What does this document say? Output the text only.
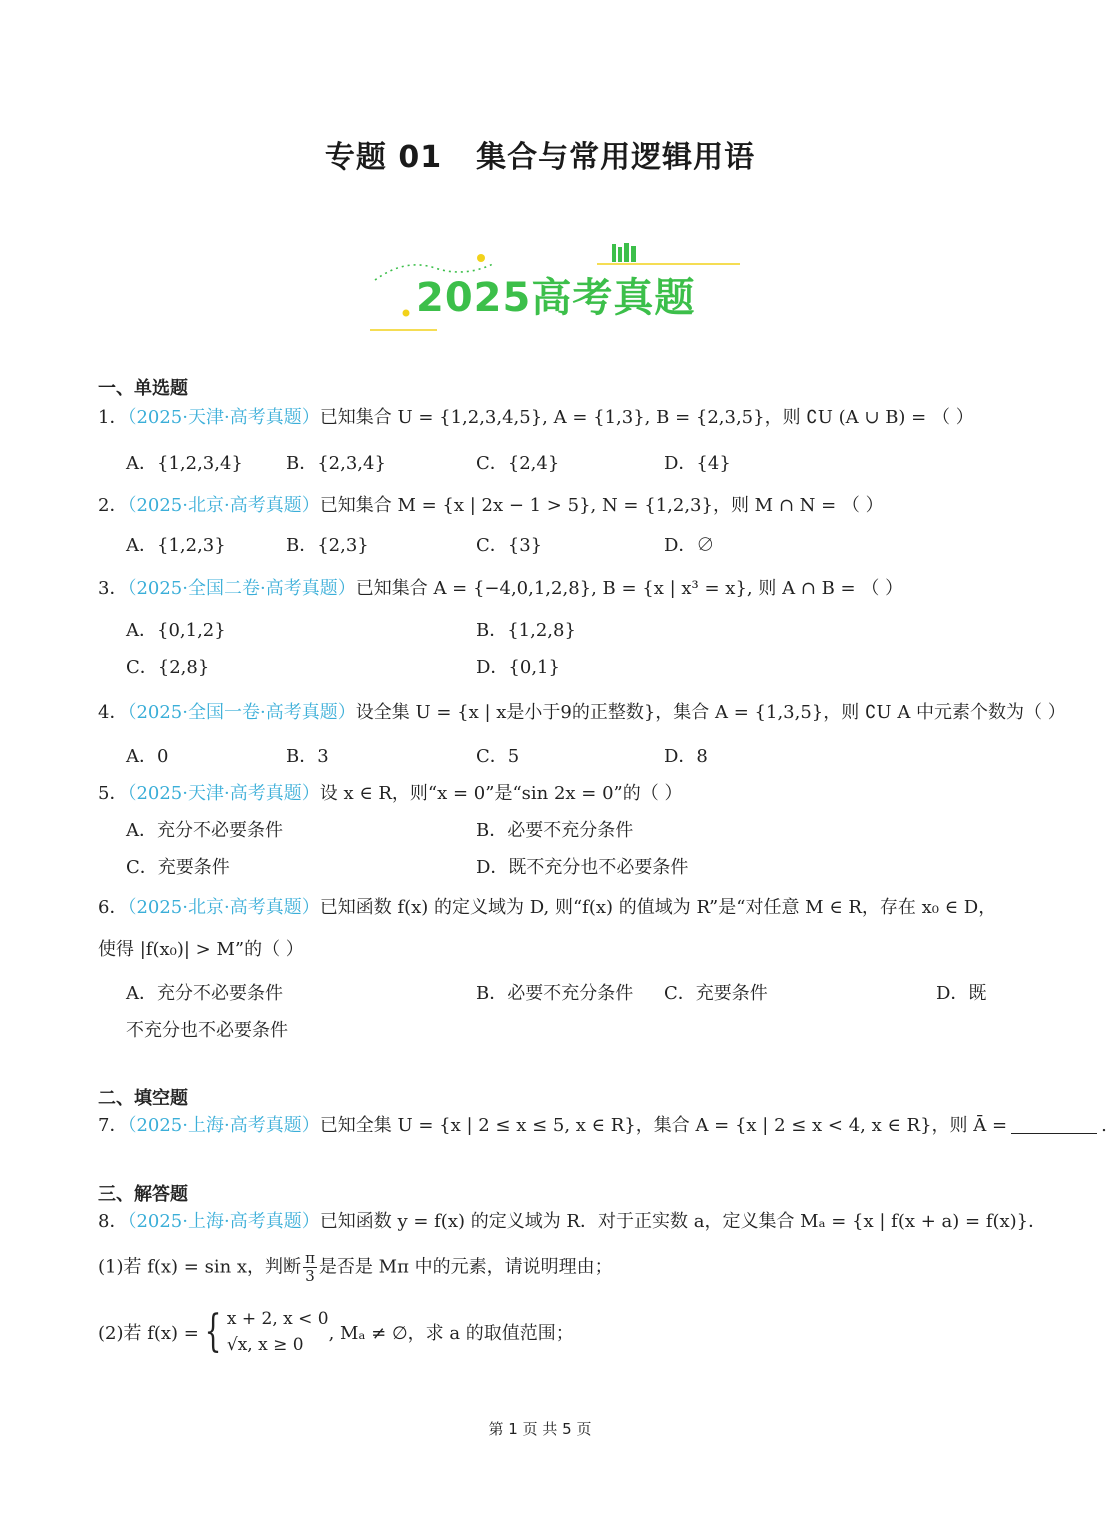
专题 01 集合与常用逻辑用语
2025高考真题
一、单选题
1．（2025·天津·高考真题）已知集合 U = {1,2,3,4,5}, A = {1,3}, B = {2,3,5}，则 ∁U (A ∪ B) = （ ）
A．{1,2,3,4} B．{2,3,4}	C．{2,4}	D．{4}
2．（2025·北京·高考真题）已知集合 M = {x | 2x − 1 > 5}, N = {1,2,3}，则 M ∩ N = （ ）
A．{1,2,3}	B．{2,3}	C．{3}	D．∅
3．（2025·全国二卷·高考真题）已知集合 A = {−4,0,1,2,8}, B = {x | x³ = x}, 则 A ∩ B = （ ）
A．{0,1,2}	B．{1,2,8}
C．{2,8}	D．{0,1}
4．（2025·全国一卷·高考真题）设全集 U = {x | x是小于9的正整数}，集合 A = {1,3,5}，则 ∁U A 中元素个数为（ ）
A．0	B．3	C．5	D．8
5．（2025·天津·高考真题）设 x ∈ R，则“x = 0”是“sin 2x = 0”的（ ）
A．充分不必要条件	B．必要不充分条件
C．充要条件	D．既不充分也不必要条件
6．（2025·北京·高考真题）已知函数 f(x) 的定义域为 D, 则“f(x) 的值域为 R”是“对任意 M ∈ R，存在 x₀ ∈ D，
使得 |f(x₀)| > M”的（ ）
A．充分不必要条件	B．必要不充分条件 C．充要条件	D．既
不充分也不必要条件
二、填空题
7．（2025·上海·高考真题）已知全集 U = {x | 2 ≤ x ≤ 5, x ∈ R}，集合 A = {x | 2 ≤ x < 4, x ∈ R}，则 Ā =	.
三、解答题
8．（2025·上海·高考真题）已知函数 y = f(x) 的定义域为 R．对于正实数 a，定义集合 Mₐ = {x | f(x + a) = f(x)}．
(1)若 f(x) = sin x，判断 $\frac{\pi}{3}$ 是否是 Mπ 中的元素，请说明理由；
(2)若 f(x) = { x + 2, x < 0
√x, x ≥ 0
, Mₐ ≠ ∅，求 a 的取值范围；
第 1 页 共 5 页
